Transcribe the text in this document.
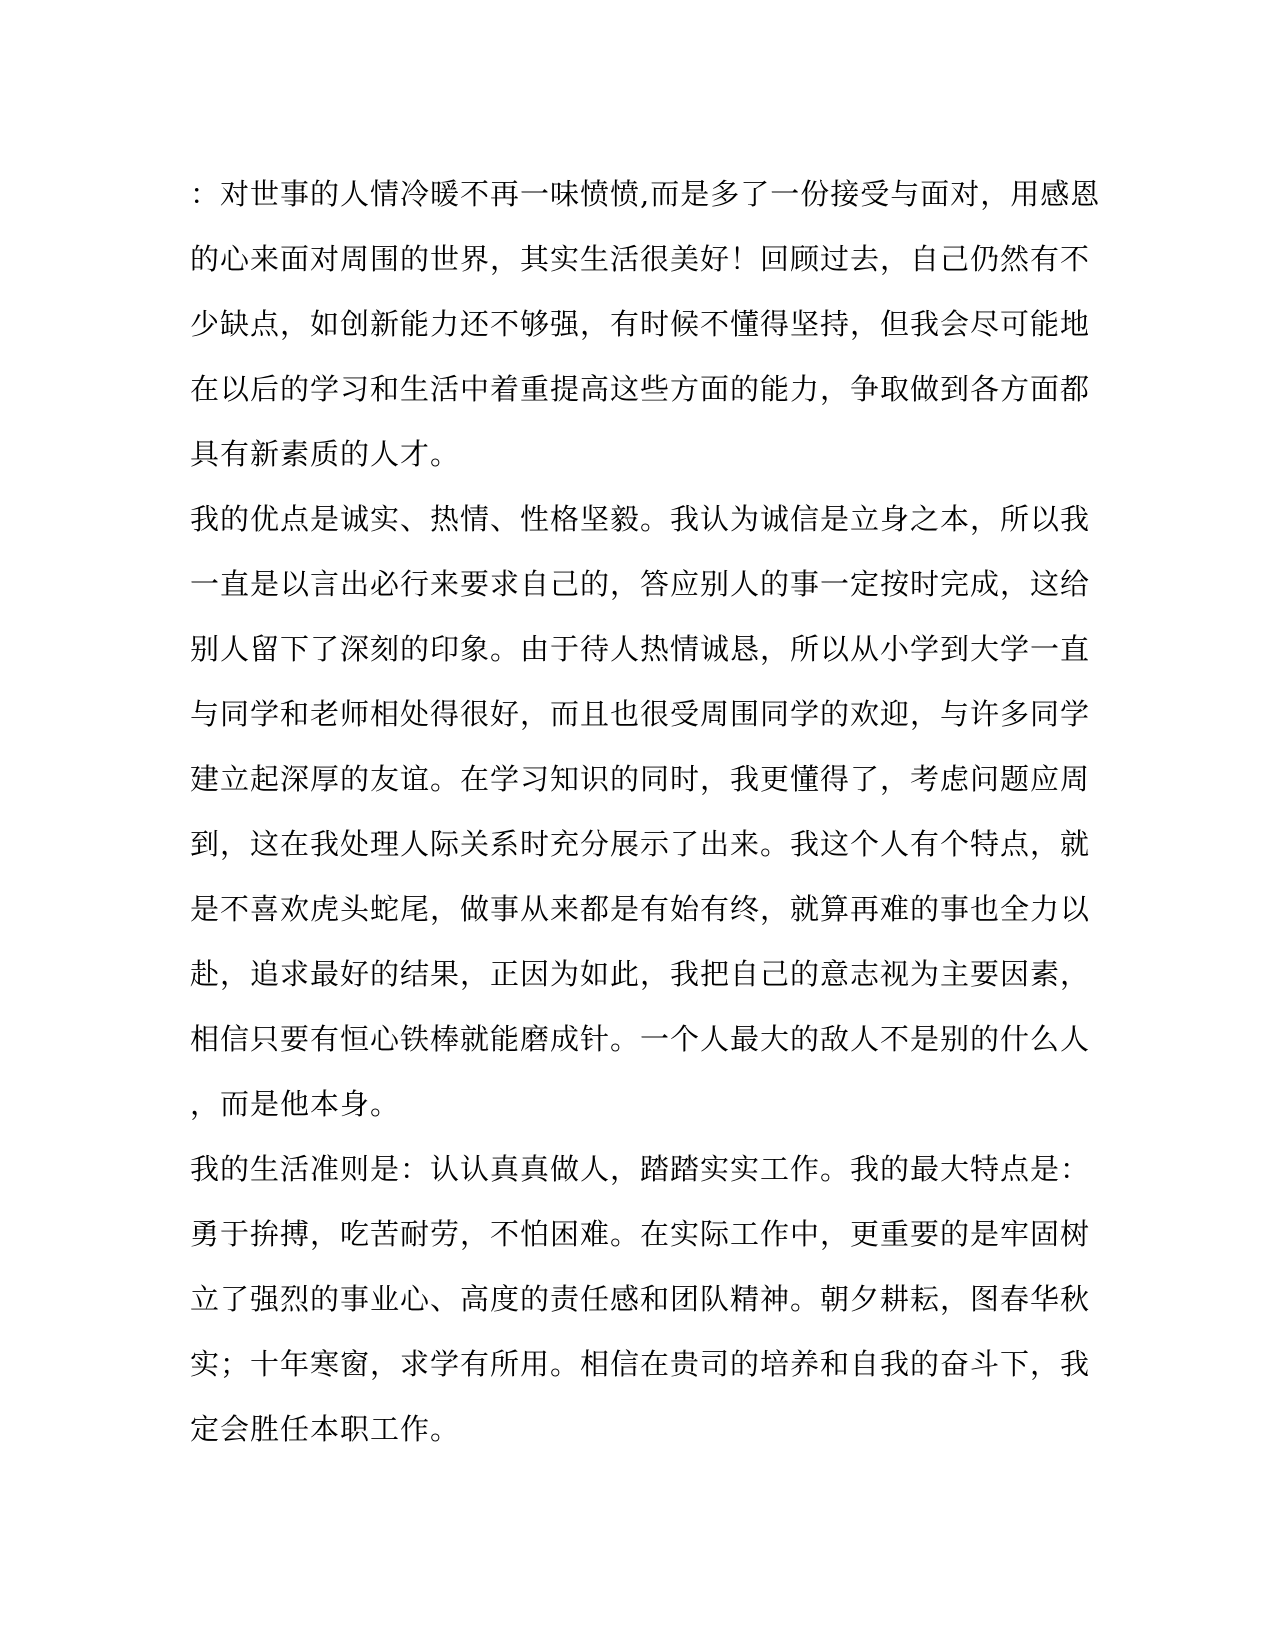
：对世事的人情冷暖不再一味愤愤,而是多了一份接受与面对，用感恩
的心来面对周围的世界，其实生活很美好！回顾过去，自己仍然有不
少缺点，如创新能力还不够强，有时候不懂得坚持，但我会尽可能地
在以后的学习和生活中着重提高这些方面的能力，争取做到各方面都
具有新素质的人才。
我的优点是诚实、热情、性格坚毅。我认为诚信是立身之本，所以我
一直是以言出必行来要求自己的，答应别人的事一定按时完成，这给
别人留下了深刻的印象。由于待人热情诚恳，所以从小学到大学一直
与同学和老师相处得很好，而且也很受周围同学的欢迎，与许多同学
建立起深厚的友谊。在学习知识的同时，我更懂得了，考虑问题应周
到，这在我处理人际关系时充分展示了出来。我这个人有个特点，就
是不喜欢虎头蛇尾，做事从来都是有始有终，就算再难的事也全力以
赴，追求最好的结果，正因为如此，我把自己的意志视为主要因素，
相信只要有恒心铁棒就能磨成针。一个人最大的敌人不是别的什么人
，而是他本身。
我的生活准则是：认认真真做人，踏踏实实工作。我的最大特点是：
勇于拚搏，吃苦耐劳，不怕困难。在实际工作中，更重要的是牢固树
立了强烈的事业心、高度的责任感和团队精神。朝夕耕耘，图春华秋
实；十年寒窗，求学有所用。相信在贵司的培养和自我的奋斗下，我
定会胜任本职工作。
